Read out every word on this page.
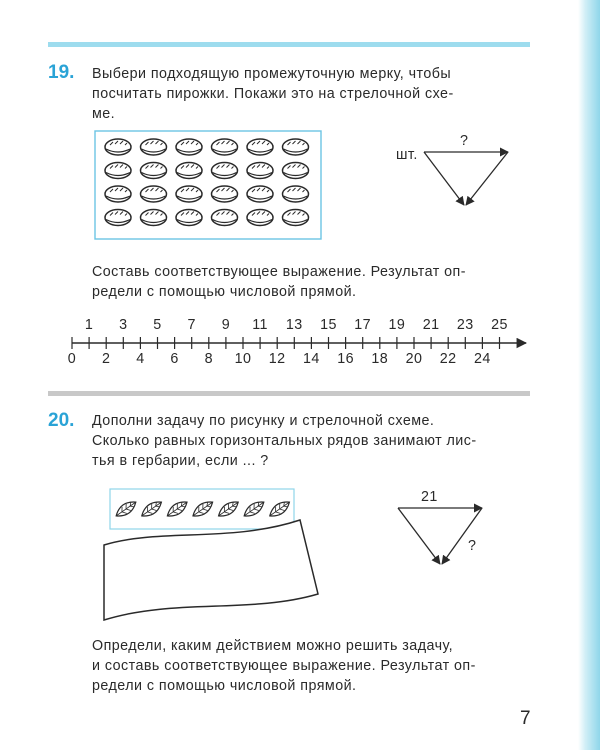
19. Выбери подходящую промежуточную мерку, чтобы
посчитать пирожки. Покажи это на стрелочной схе-
ме.
шт.
?
Составь соответствующее выражение. Результат оп-
редели с помощью числовой прямой.
1	3	5	7	9	11 13 15 17 19 21 23 25
0	2	4	6	8	10 12 14 16 18 20 22 24
20. Дополни задачу по рисунку и стрелочной схеме.
Сколько равных горизонтальных рядов занимают лис-
тья в гербарии, если ... ?
21
?
Определи, каким действием можно решить задачу,
и составь соответствующее выражение. Результат оп-
редели с помощью числовой прямой.
7
